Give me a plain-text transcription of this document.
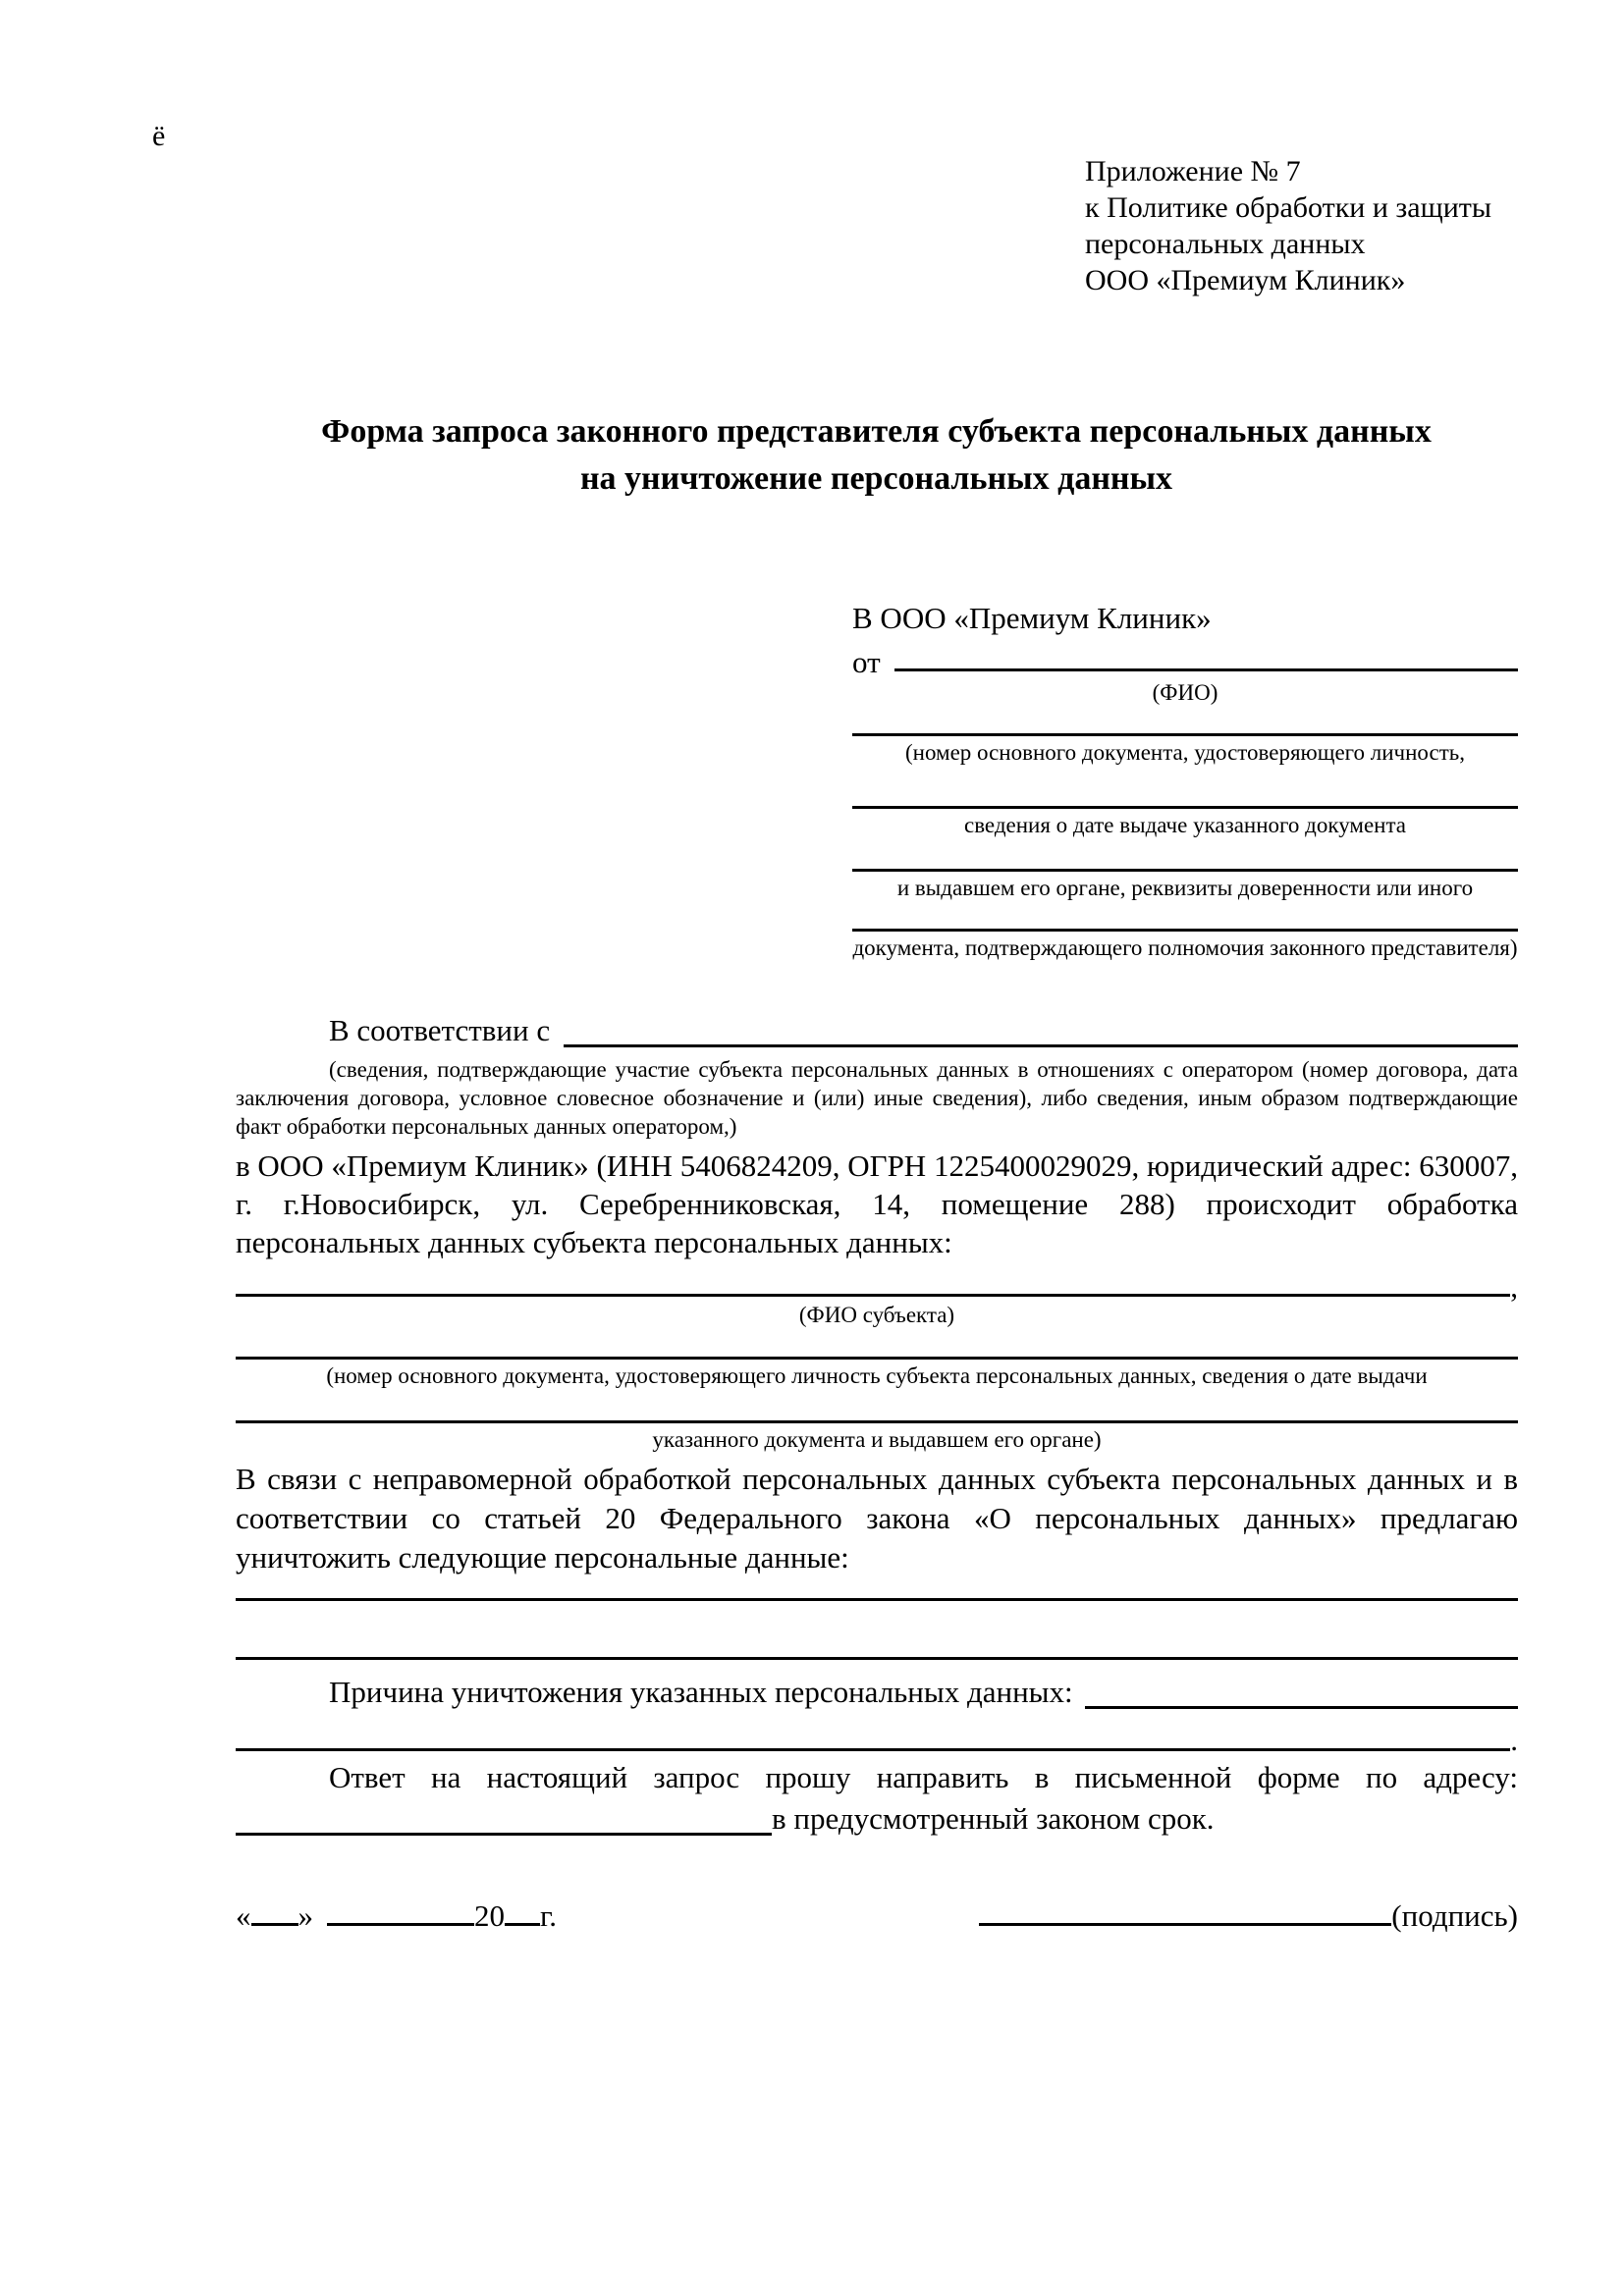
ё
Приложение № 7
к Политике обработки и защиты
персональных данных
ООО «Премиум Клиник»
Форма запроса законного представителя субъекта персональных данных
на уничтожение персональных данных
В ООО «Премиум Клиник»
от
(ФИО)
(номер основного документа, удостоверяющего личность,
сведения о дате выдаче указанного документа
и выдавшем его органе, реквизиты доверенности или иного
документа, подтверждающего полномочия законного представителя)
В соответствии с
(сведения, подтверждающие участие субъекта персональных данных в отношениях с оператором (номер договора, дата заключения договора, условное словесное обозначение и (или) иные сведения), либо сведения, иным образом подтверждающие факт обработки персональных данных оператором,)
в ООО «Премиум Клиник» (ИНН 5406824209, ОГРН 1225400029029, юридический адрес: 630007, г. г.Новосибирск, ул. Серебренниковская, 14, помещение 288) происходит обработка персональных данных субъекта персональных данных:
,
(ФИО субъекта)
(номер основного документа, удостоверяющего личность субъекта персональных данных, сведения о дате выдачи
указанного документа и выдавшем его органе)
В связи с неправомерной обработкой персональных данных субъекта персональных данных и в соответствии со статьей 20 Федерального закона «О персональных данных» предлагаю уничтожить следующие персональные данные:
Причина уничтожения указанных персональных данных:
.
Ответ на настоящий запрос прошу направить в письменной форме по адресу:
в предусмотренный законом срок.
« »	20 г.	(подпись)
